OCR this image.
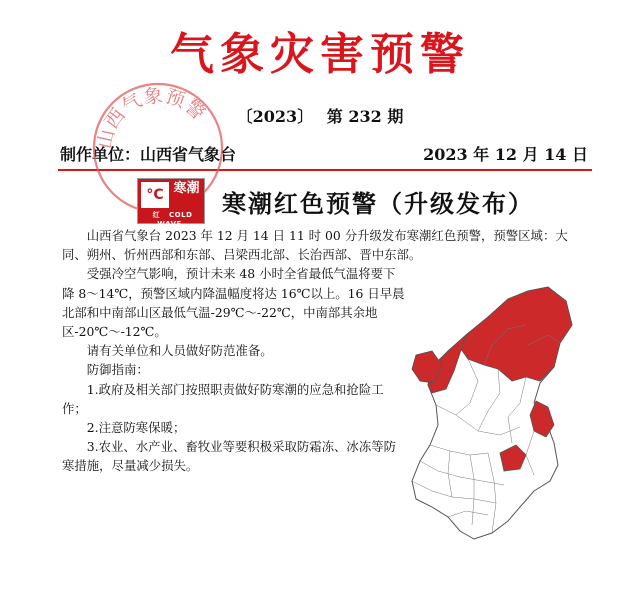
气象灾害预警
〔2023〕 第 232 期
制作单位：山西省气象台	2023 年 12 月 14 日
山西气象预警
°C 寒潮
红 COLD WAVE
寒潮红色预警（升级发布）

山西省气象台 2023 年 12 月 14 日 11 时 00 分升级发布寒潮红色预警，预警区域：大同、朔州、忻州西部和东部、吕梁西北部、长治西部、晋中东部。

受强冷空气影响，预计未来 48 小时全省最低气温将要下降 8～14℃，预警区域内降温幅度将达 16℃以上。16 日早晨北部和中南部山区最低气温-29℃～-22℃，中南部其余地区-20℃～-12℃。

请有关单位和人员做好防范准备。

防御指南：

1.政府及相关部门按照职责做好防寒潮的应急和抢险工作；

2.注意防寒保暖；

3.农业、水产业、畜牧业等要积极采取防霜冻、冰冻等防寒措施，尽量减少损失。
